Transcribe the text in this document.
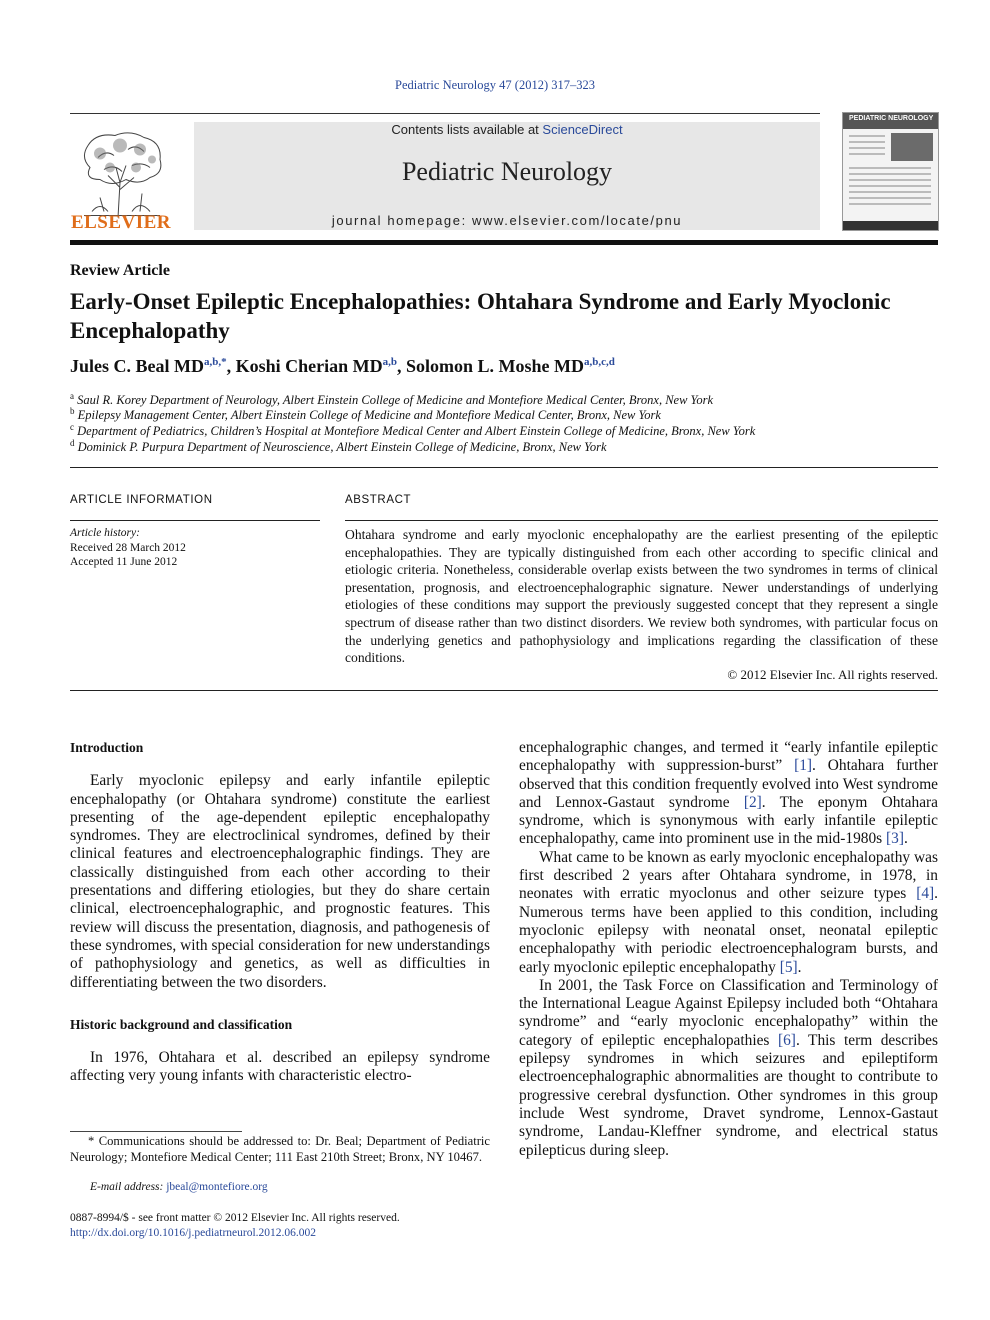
Pediatric Neurology 47 (2012) 317–323
ELSEVIER
Contents lists available at ScienceDirect
Pediatric Neurology
journal homepage: www.elsevier.com/locate/pnu
PEDIATRIC NEUROLOGY
Review Article
Early-Onset Epileptic Encephalopathies: Ohtahara Syndrome and Early Myoclonic Encephalopathy
Jules C. Beal $MD^{a,b,*}$, Koshi Cherian MD$^{a,b}$, Solomon L. Moshe MD$^{a,b,c,d}$
$^a$ Saul R. Korey Department of Neurology, Albert Einstein College of Medicine and Montefiore Medical Center, Bronx, New York
$^b$ Epilepsy Management Center, Albert Einstein College of Medicine and Montefiore Medical Center, Bronx, New York
$^c$ Department of Pediatrics, Children’s Hospital at Montefiore Medical Center and Albert Einstein College of Medicine, Bronx, New York
$^d$ Dominick P. Purpura Department of Neuroscience, Albert Einstein College of Medicine, Bronx, New York
ARTICLE INFORMATION	ABSTRACT
Article history:
Received 28 March 2012
Accepted 11 June 2012
Ohtahara syndrome and early myoclonic encephalopathy are the earliest presenting of the epileptic encephalopathies. They are typically distinguished from each other according to specific clinical and etiologic criteria. Nonetheless, considerable overlap exists between the two syndromes in terms of clinical presentation, prognosis, and electroencephalographic signature. Newer understandings of underlying etiologies of these conditions may support the previously suggested concept that they represent a single spectrum of disease rather than two distinct disorders. We review both syndromes, with particular focus on the underlying genetics and pathophysiology and implications regarding the classification of these conditions.
© 2012 Elsevier Inc. All rights reserved.
Introduction

Early myoclonic epilepsy and early infantile epileptic encephalopathy (or Ohtahara syndrome) constitute the earliest presenting of the age-dependent epileptic encephalopathy syndromes. They are electroclinical syndromes, defined by their clinical features and electroencephalographic findings. They are classically distinguished from each other according to their presentations and differing etiologies, but they do share certain clinical, electroencephalographic, and prognostic features. This review will discuss the presentation, diagnosis, and pathogenesis of these syndromes, with special consideration for new understandings of pathophysiology and genetics, as well as difficulties in differentiating between the two disorders.

Historic background and classification

In 1976, Ohtahara et al. described an epilepsy syndrome affecting very young infants with characteristic electro-

encephalographic changes, and termed it “early infantile epileptic encephalopathy with suppression-burst” [1]. Ohtahara further observed that this condition frequently evolved into West syndrome and Lennox-Gastaut syndrome [2]. The eponym Ohtahara syndrome, which is synonymous with early infantile epileptic encephalopathy, came into prominent use in the mid-1980s [3].

What came to be known as early myoclonic encephalopathy was first described 2 years after Ohtahara syndrome, in 1978, in neonates with erratic myoclonus and other seizure types [4]. Numerous terms have been applied to this condition, including myoclonic epilepsy with neonatal onset, neonatal epileptic encephalopathy with periodic electroencephalogram bursts, and early myoclonic epileptic encephalopathy [5].

In 2001, the Task Force on Classification and Terminology of the International League Against Epilepsy included both “Ohtahara syndrome” and “early myoclonic encephalopathy” within the category of epileptic encephalopathies [6]. This term describes epilepsy syndromes in which seizures and epileptiform electroencephalographic abnormalities are thought to contribute to progressive cerebral dysfunction. Other syndromes in this group include West syndrome, Dravet syndrome, Lennox-Gastaut syndrome, Landau-Kleffner syndrome, and electrical status epilepticus during sleep.

* Communications should be addressed to: Dr. Beal; Department of Pediatric Neurology; Montefiore Medical Center; 111 East 210th Street; Bronx, NY 10467.

E-mail address: jbeal@montefiore.org
0887-8994/$ - see front matter © 2012 Elsevier Inc. All rights reserved.
http://dx.doi.org/10.1016/j.pediatrneurol.2012.06.002
